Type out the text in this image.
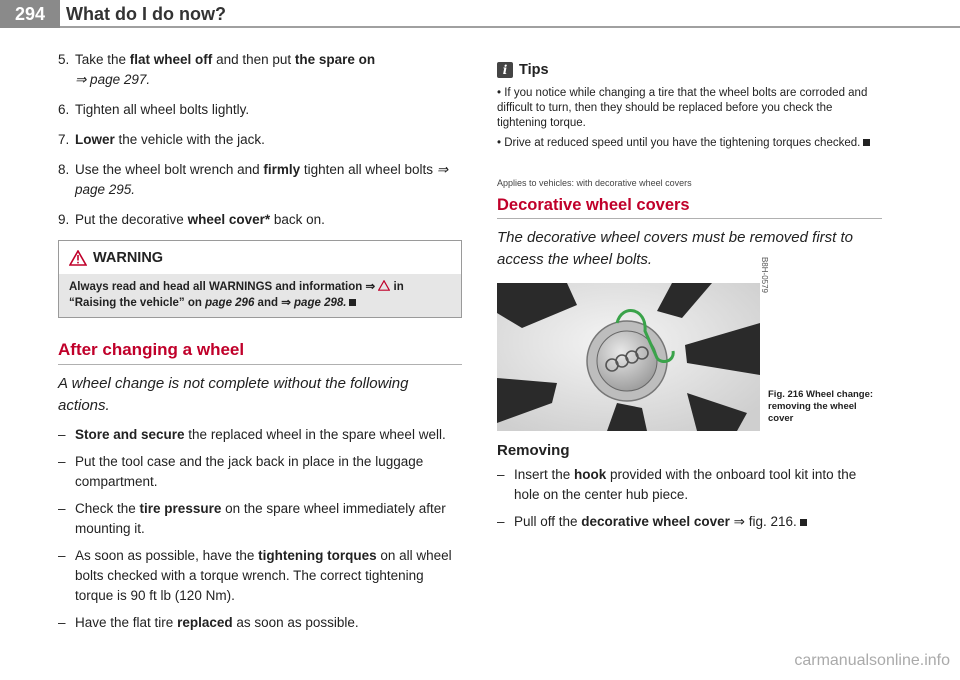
294	What do I do now?
5. Take the flat wheel off and then put the spare on
⇒ page 297.
6. Tighten all wheel bolts lightly.
7. Lower the vehicle with the jack.
8. Use the wheel bolt wrench and firmly tighten all wheel bolts ⇒ page 295.
9. Put the decorative wheel cover* back on.
WARNING
Always read and head all WARNINGS and information ⇒  in “Raising the vehicle” on page 296 and ⇒ page 298.
After changing a wheel
A wheel change is not complete without the following actions.
– Store and secure the replaced wheel in the spare wheel well.
– Put the tool case and the jack back in place in the luggage compartment.
– Check the tire pressure on the spare wheel immediately after mounting it.
– As soon as possible, have the tightening torques on all wheel bolts checked with a torque wrench. The correct tightening torque is 90 ft lb (120 Nm).
– Have the flat tire replaced as soon as possible.
i Tips
• If you notice while changing a tire that the wheel bolts are corroded and difficult to turn, then they should be replaced before you check the tightening torque.
• Drive at reduced speed until you have the tightening torques checked.
Applies to vehicles: with decorative wheel covers
Decorative wheel covers
The decorative wheel covers must be removed first to access the wheel bolts.	B8H-0579
Fig. 216 Wheel change: removing the wheel cover
Removing
– Insert the hook provided with the onboard tool kit into the hole on the center hub piece.
– Pull off the decorative wheel cover ⇒ fig. 216.
carmanualsonline.info
